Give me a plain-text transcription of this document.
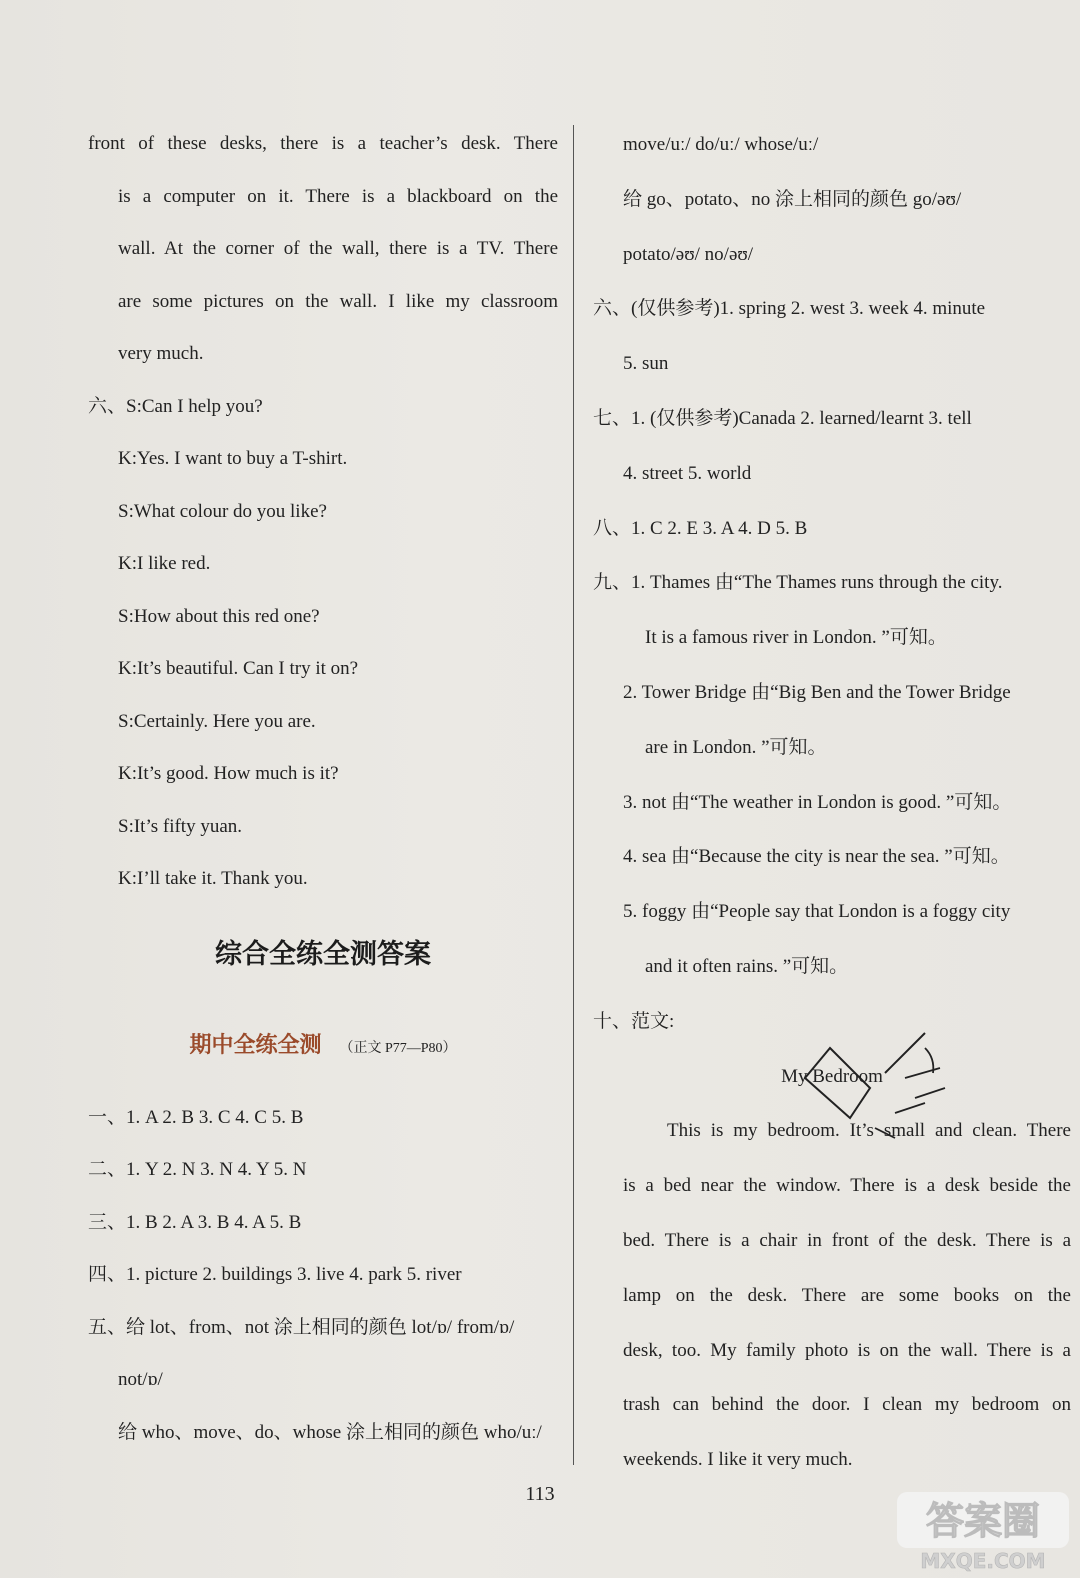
front of these desks, there is a teacher’s desk. There
is a computer on it. There is a blackboard on the
wall. At the corner of the wall, there is a TV. There
are some pictures on the wall. I like my classroom
very much.
六、S:Can I help you?
K:Yes. I want to buy a T-shirt.
S:What colour do you like?
K:I like red.
S:How about this red one?
K:It’s beautiful. Can I try it on?
S:Certainly. Here you are.
K:It’s good. How much is it?
S:It’s fifty yuan.
K:I’ll take it. Thank you.
综合全练全测答案
期中全练全测 （正文 P77—P80）
一、1. A 2. B 3. C 4. C 5. B
二、1. Y 2. N 3. N 4. Y 5. N
三、1. B 2. A 3. B 4. A 5. B
四、1. picture 2. buildings 3. live 4. park 5. river
五、给 lot、from、not 涂上相同的颜色 lot/ɒ/ from/ɒ/
not/ɒ/
给 who、move、do、whose 涂上相同的颜色 who/uː/
move/uː/ do/uː/ whose/uː/
给 go、potato、no 涂上相同的颜色 go/əʊ/
potato/əʊ/ no/əʊ/
六、(仅供参考)1. spring 2. west 3. week 4. minute
5. sun
七、1. (仅供参考)Canada 2. learned/learnt 3. tell
4. street 5. world
八、1. C 2. E 3. A 4. D 5. B
九、1. Thames 由“The Thames runs through the city.
It is a famous river in London. ”可知。
2. Tower Bridge 由“Big Ben and the Tower Bridge
are in London. ”可知。
3. not 由“The weather in London is good. ”可知。
4. sea 由“Because the city is near the sea. ”可知。
5. foggy 由“People say that London is a foggy city
and it often rains. ”可知。
十、范文:
My Bedroom
This is my bedroom. It’s small and clean. There
is a bed near the window. There is a desk beside the
bed. There is a chair in front of the desk. There is a
lamp on the desk. There are some books on the
desk, too. My family photo is on the wall. There is a
trash can behind the door. I clean my bedroom on
weekends. I like it very much.
113
答案圈
MXQE.COM
